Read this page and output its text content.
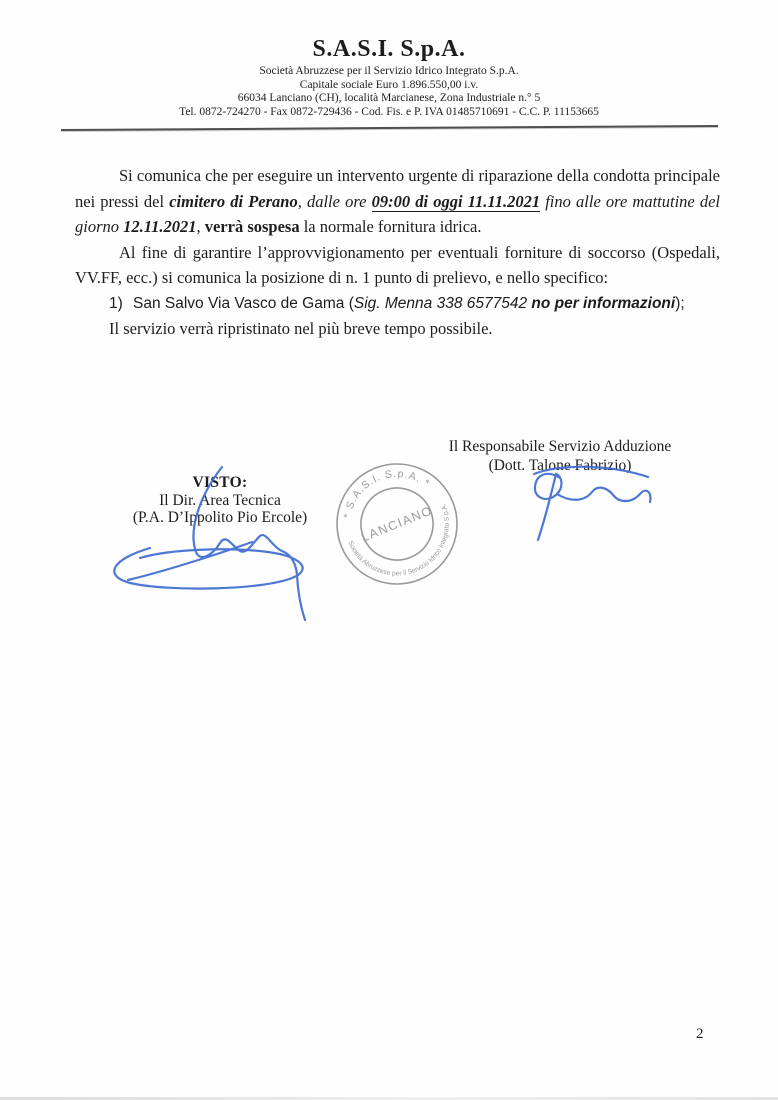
S.A.S.I. S.p.A.
Società Abruzzese per il Servizio Idrico Integrato S.p.A.
Capitale sociale Euro 1.896.550,00 i.v.
66034 Lanciano (CH), località Marcianese, Zona Industriale n.° 5
Tel. 0872-724270 - Fax 0872-729436 - Cod. Fis. e P. IVA 01485710691 - C.C. P. 11153665

Si comunica che per eseguire un intervento urgente di riparazione della condotta principale nei pressi del cimitero di Perano, dalle ore 09:00 di oggi 11.11.2021 fino alle ore mattutine del giorno 12.11.2021, verrà sospesa la normale fornitura idrica.

Al fine di garantire l’approvvigionamento per eventuali forniture di soccorso (Ospedali, VV.FF, ecc.) si comunica la posizione di n. 1 punto di prelievo, e nello specifico:

1) San Salvo Via Vasco de Gama (Sig. Menna 338 6577542 no per informazioni);
Il servizio verrà ripristinato nel più breve tempo possibile.
Il Responsabile Servizio Adduzione
(Dott. Talone Fabrizio)
VISTO:
Il Dir. Area Tecnica
(P.A. D’Ippolito Pio Ercole)	* S.A.S.I. S.p.A. *
Società Abruzzese per il Servizio Idrico Integrato S.p.A.
LANCIANO
2
